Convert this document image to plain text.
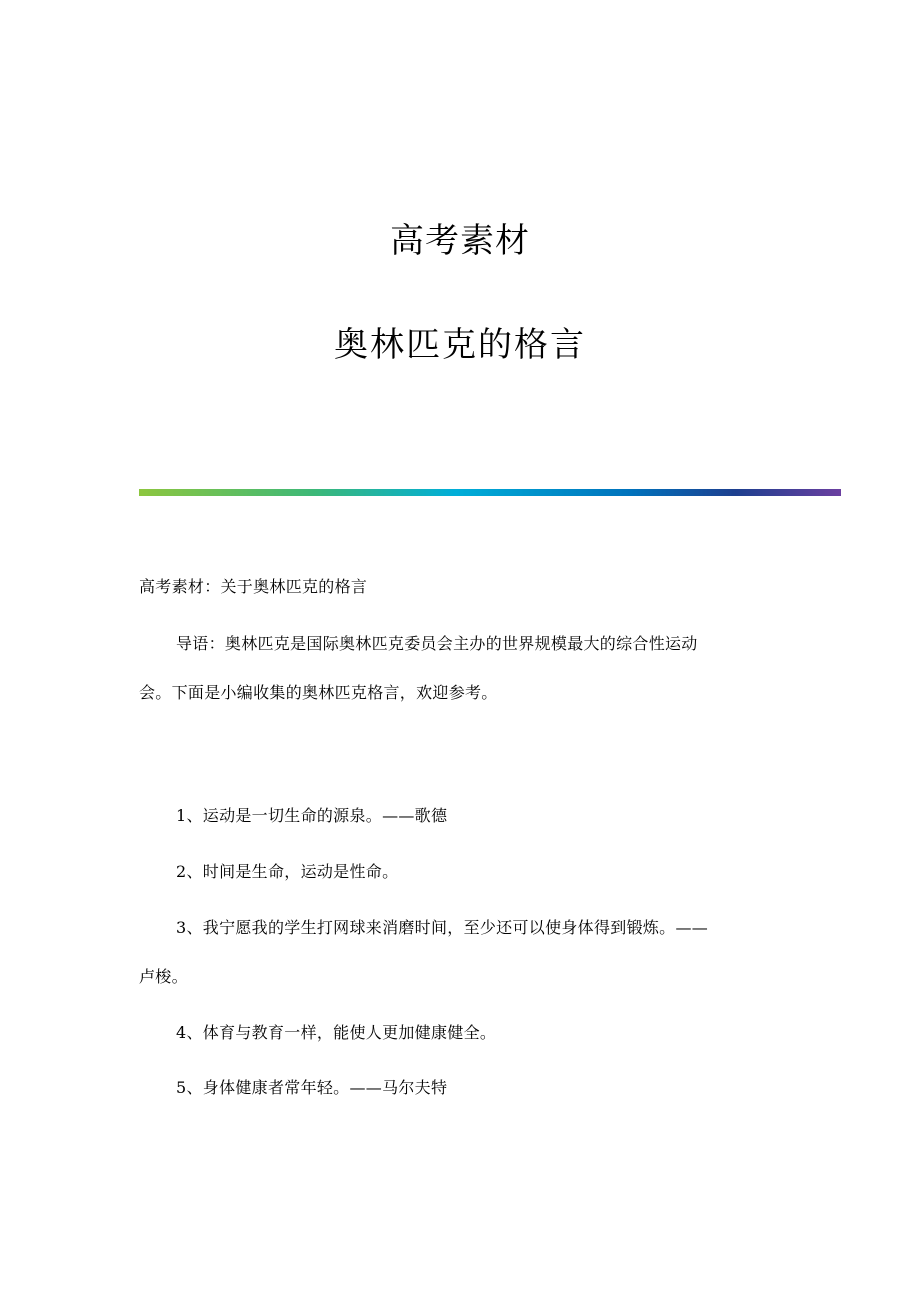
高考素材
奥林匹克的格言
高考素材：关于奥林匹克的格言
导语：奥林匹克是国际奥林匹克委员会主办的世界规模最大的综合性运动
会。下面是小编收集的奥林匹克格言，欢迎参考。
1、运动是一切生命的源泉。——歌德
2、时间是生命，运动是性命。
3、我宁愿我的学生打网球来消磨时间，至少还可以使身体得到锻炼。——
卢梭。
4、体育与教育一样，能使人更加健康健全。
5、身体健康者常年轻。——马尔夫特
